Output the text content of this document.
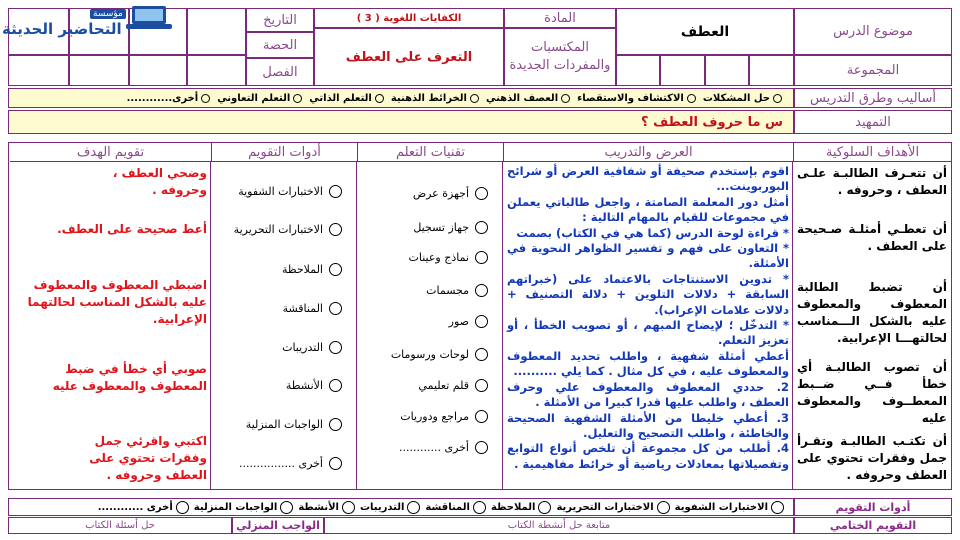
موضوع الدرس
المجموعة
العطف
المادة
المكتسبات والمفردات الجديدة
الكفايات اللغوية ( 3 )
التعرف على العطف
التاريخ
الحصة
الفصل
مؤسسة
التحاضير الحديثة
أساليب وطرق التدريس
حل المشكلات
الاكتشاف والاستقصاء
العصف الذهني
الخرائط الذهنية
التعلم الذاتي
التعلم التعاوني
أخرى............
التمهيد
س ما حروف العطف ؟
الأهداف السلوكية
العرض والتدريب
تقنيات التعلم
أدوات التقويم
تقويم الهدف
أن تتعـرف الطالبـة علـى العطف ، وحروفه .
أن تعطـي أمثلـة صـحيحة على العطف .
أن تضبط الطالبة المعطوف والمعطوف عليه بالشكل الـــمناسب لحالتهـــا الإعرابية.
أن تصوب الطالبـة أي خطأ فــي ضــبط المعطــوف والمعطوف عليه
أن تكتـب الطالبـة وتقـرأ جمل وفقرات تحتوي على العطف وحروفه .
اقوم بإستخدم صحيفة أو شفافية العرض أو شرائح البوربوينت...
أمثل دور المعلمة الصامتة ، واجعل طالباتي يعملن في مجموعات للقيام بالمهام التالية :
* قراءة لوحة الدرس (كما هي في الكتاب) بصمت
* التعاون على فهم و تفسير الظواهر النحوية في الأمثلة.
* تدوين الاستنتاجات بالاعتماد على (خبراتهم السابقة + دلالات التلوين + دلالة التصنيف + دلالات علامات الإعراب).
* التدخّل ؛ لإيضاح المبهم ، أو تصويب الخطأ ، أو تعزيز التعلم.
أعطي أمثلة شفهية ، واطلب تحديد المعطوف والمعطوف عليه ، في كل مثال . كما يلي ..........
2. حددي المعطوف والمعطوف علي وحرف العطف ، واطلب عليها قدرا كبيرا من الأمثلة .
3. أعطي خليطا من الأمثلة الشفهية الصحيحة والخاطئة ، واطلب التصحيح والتعليل.
4. أطلب من كل مجموعة أن تلخص أنواع التوابع وتفصيلاتها بمعادلات رياضية أو خرائط مفاهيمية .
أجهزة عرض
جهاز تسجيل
نماذج وعينات
مجسمات
صور
لوحات ورسومات
قلم تعليمي
مراجع ودوريات
أخرى ............
الاختبارات الشفوية
الاختبارات التحريرية
الملاحظة
المناقشة
التدريبات
الأنشطة
الواجبات المنزلية
أخرى ................
وضحي العطف ، وحروفه .
أعط صحيحة على العطف.
اضبطي المعطوف والمعطوف عليه بالشكل المناسب لحالتهما الإعرابية.
صوبي أي خطأ في ضبط المعطوف والمعطوف عليه
اكتبي واقرئي جمل وفقرات تحتوي على العطف وحروفه .
أدوات التقويم
الاختبارات الشفوية
الاختبارات التحريرية
الملاحظة
المناقشة
التدريبات
الأنشطة
الواجبات المنزلية
أخرى ............
التقويم الختامي
متابعة حل أنشطة الكتاب
الواجب المنزلي
حل أسئلة الكتاب
